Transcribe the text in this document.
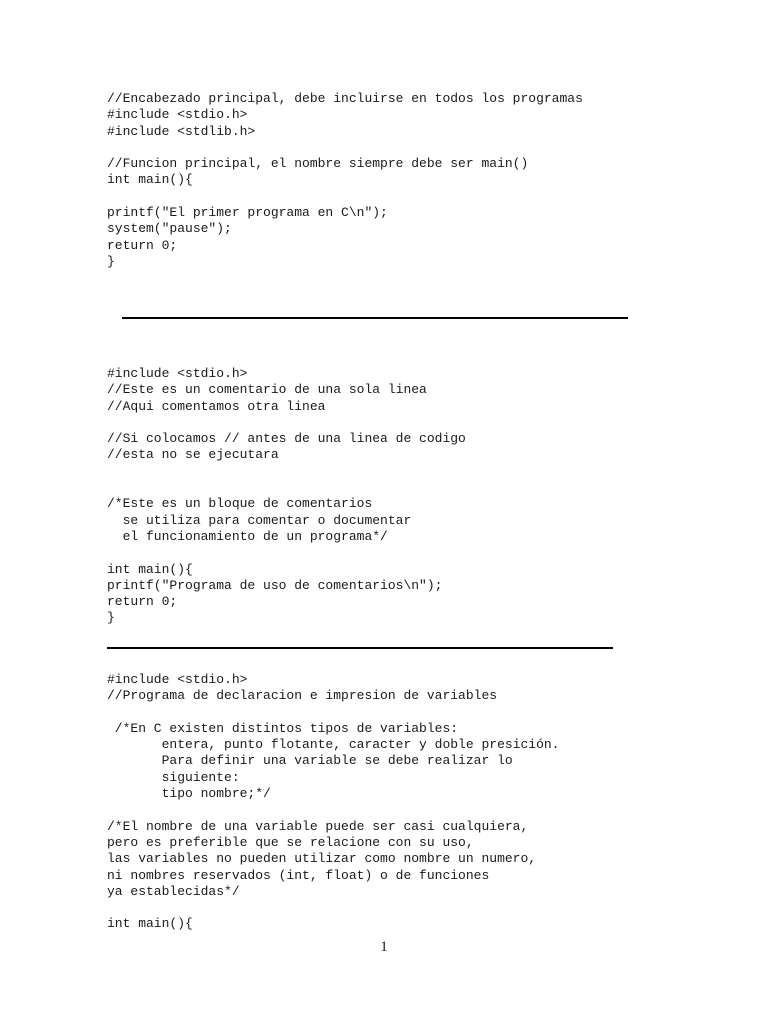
//Encabezado principal, debe incluirse en todos los programas
#include <stdio.h>
#include <stdlib.h>
//Funcion principal, el nombre siempre debe ser main()
int main(){
printf("El primer programa en C\n");
system("pause");
return 0;
}
#include <stdio.h>
//Este es un comentario de una sola linea
//Aqui comentamos otra linea
//Si colocamos // antes de una linea de codigo
//esta no se ejecutara
/*Este es un bloque de comentarios
se utiliza para comentar o documentar
el funcionamiento de un programa*/
int main(){
printf("Programa de uso de comentarios\n");
return 0;
}
#include <stdio.h>
//Programa de declaracion e impresion de variables
/*En C existen distintos tipos de variables:
entera, punto flotante, caracter y doble presición.
Para definir una variable se debe realizar lo
siguiente:
tipo nombre;*/
/*El nombre de una variable puede ser casi cualquiera,
pero es preferible que se relacione con su uso,
las variables no pueden utilizar como nombre un numero,
ni nombres reservados (int, float) o de funciones
ya establecidas*/
int main(){
1
